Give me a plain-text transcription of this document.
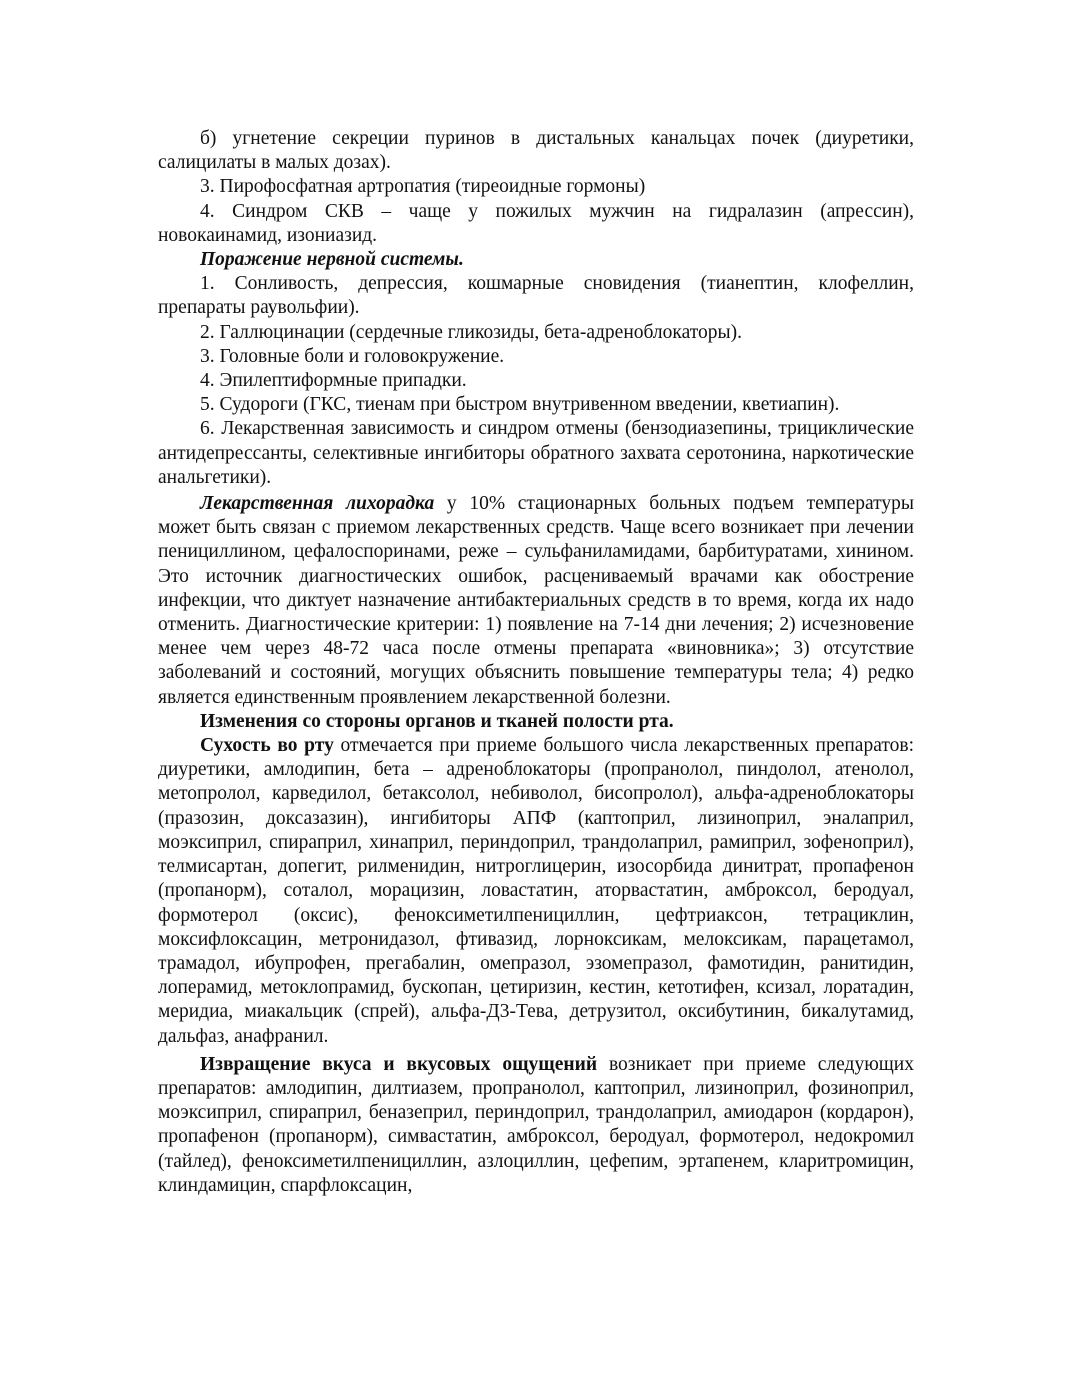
б) угнетение секреции пуринов в дистальных канальцах почек (диуретики, салицилаты в малых дозах).

3. Пирофосфатная артропатия (тиреоидные гормоны)

4. Синдром СКВ – чаще у пожилых мужчин на гидралазин (апрессин), новокаинамид, изониазид.

Поражение нервной системы.

1. Сонливость, депрессия, кошмарные сновидения (тианептин, клофеллин, препараты раувольфии).

2. Галлюцинации (сердечные гликозиды, бета-адреноблокаторы).

3. Головные боли и головокружение.

4. Эпилептиформные припадки.

5. Судороги (ГКС, тиенам при быстром внутривенном введении, кветиапин).

6. Лекарственная зависимость и синдром отмены (бензодиазепины, трициклические антидепрессанты, селективные ингибиторы обратного захвата серотонина, наркотические анальгетики).

Лекарственная лихорадка у 10% стационарных больных подъем температуры может быть связан с приемом лекарственных средств. Чаще всего возникает при лечении пенициллином, цефалоспоринами, реже – сульфаниламидами, барбитуратами, хинином. Это источник диагностических ошибок, расцениваемый врачами как обострение инфекции, что диктует назначение антибактериальных средств в то время, когда их надо отменить. Диагностические критерии: 1) появление на 7-14 дни лечения; 2) исчезновение менее чем через 48-72 часа после отмены препарата «виновника»; 3) отсутствие заболеваний и состояний, могущих объяснить повышение температуры тела; 4) редко является единственным проявлением лекарственной болезни.

Изменения со стороны органов и тканей полости рта.

Сухость во рту отмечается при приеме большого числа лекарственных препаратов: диуретики, амлодипин, бета – адреноблокаторы (пропранолол, пиндолол, атенолол, метопролол, карведилол, бетаксолол, небиволол, бисопролол), альфа-адреноблокаторы (празозин, доксазазин), ингибиторы АПФ (каптоприл, лизиноприл, эналаприл, моэксиприл, спираприл, хинаприл, периндоприл, трандолаприл, рамиприл, зофеноприл), телмисартан, допегит, рилменидин, нитроглицерин, изосорбида динитрат, пропафенон (пропанорм), соталол, морацизин, ловастатин, аторвастатин, амброксол, беродуал, формотерол (оксис), феноксиметилпенициллин, цефтриаксон, тетрациклин, моксифлоксацин, метронидазол, фтивазид, лорноксикам, мелоксикам, парацетамол, трамадол, ибупрофен, прегабалин, омепразол, эзомепразол, фамотидин, ранитидин, лоперамид, метоклопрамид, бускопан, цетиризин, кестин, кетотифен, ксизал, лоратадин, меридиа, миакальцик (спрей), альфа-Д3-Тева, детрузитол, оксибутинин, бикалутамид, дальфаз, анафранил.

Извращение вкуса и вкусовых ощущений возникает при приеме следующих препаратов: амлодипин, дилтиазем, пропранолол, каптоприл, лизиноприл, фозиноприл, моэксиприл, спираприл, беназеприл, периндоприл, трандолаприл, амиодарон (кордарон), пропафенон (пропанорм), симвастатин, амброксол, беродуал, формотерол, недокромил (тайлед), феноксиметилпенициллин, азлоциллин, цефепим, эртапенем, кларитромицин, клиндамицин, спарфлоксацин,
